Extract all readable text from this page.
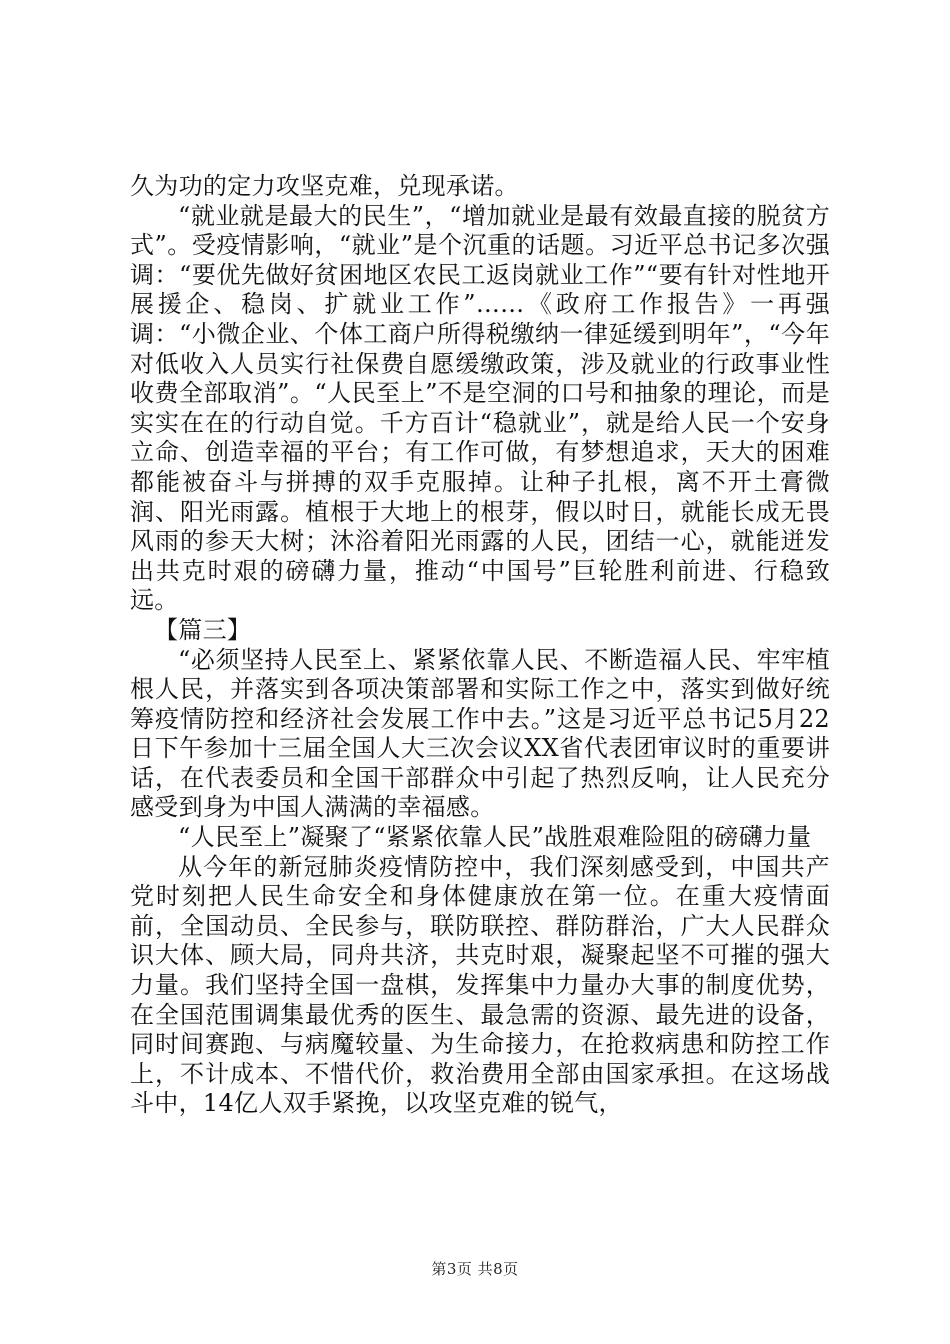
久为功的定力攻坚克难，兑现承诺。

“就业就是最大的民生”，“增加就业是最有效最直接的脱贫方式”。受疫情影响，“就业”是个沉重的话题。习近平总书记多次强调：“要优先做好贫困地区农民工返岗就业工作”“要有针对性地开展援企、稳岗、扩就业工作”……《政府工作报告》一再强调：“小微企业、个体工商户所得税缴纳一律延缓到明年”，“今年对低收入人员实行社保费自愿缓缴政策，涉及就业的行政事业性收费全部取消”。“人民至上”不是空洞的口号和抽象的理论，而是实实在在的行动自觉。千方百计“稳就业”，就是给人民一个安身立命、创造幸福的平台；有工作可做，有梦想追求，天大的困难都能被奋斗与拼搏的双手克服掉。让种子扎根，离不开土膏微润、阳光雨露。植根于大地上的根芽，假以时日，就能长成无畏风雨的参天大树；沐浴着阳光雨露的人民，团结一心，就能迸发出共克时艰的磅礴力量，推动“中国号”巨轮胜利前进、行稳致远。

【篇三】

“必须坚持人民至上、紧紧依靠人民、不断造福人民、牢牢植根人民，并落实到各项决策部署和实际工作之中，落实到做好统筹疫情防控和经济社会发展工作中去。”这是习近平总书记5月22日下午参加十三届全国人大三次会议XX省代表团审议时的重要讲话，在代表委员和全国干部群众中引起了热烈反响，让人民充分感受到身为中国人满满的幸福感。

“人民至上”凝聚了“紧紧依靠人民”战胜艰难险阻的磅礴力量

从今年的新冠肺炎疫情防控中，我们深刻感受到，中国共产党时刻把人民生命安全和身体健康放在第一位。在重大疫情面前，全国动员、全民参与，联防联控、群防群治，广大人民群众识大体、顾大局，同舟共济，共克时艰，凝聚起坚不可摧的强大力量。我们坚持全国一盘棋，发挥集中力量办大事的制度优势，在全国范围调集最优秀的医生、最急需的资源、最先进的设备，同时间赛跑、与病魔较量、为生命接力，在抢救病患和防控工作上，不计成本、不惜代价，救治费用全部由国家承担。在这场战斗中，14亿人双手紧挽，以攻坚克难的锐气，

第3页 共8页
